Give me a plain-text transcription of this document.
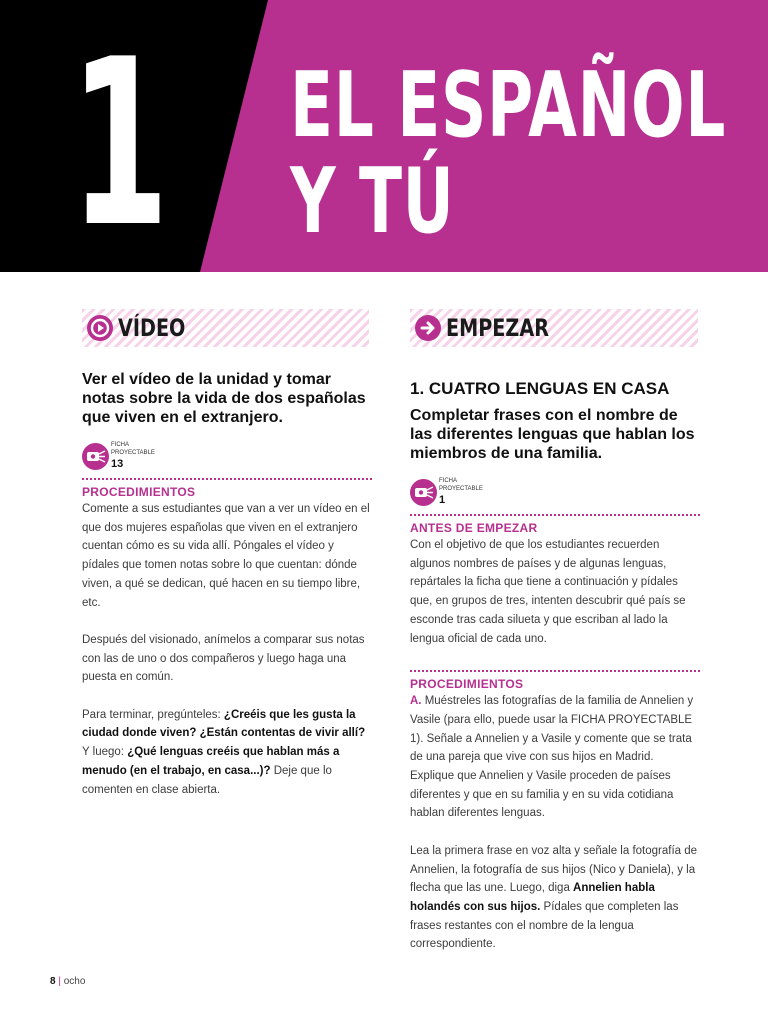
1 EL ESPAÑOL
Y TÚ
VÍDEO	EMPEZAR
Ver el vídeo de la unidad y tomar notas sobre la vida de dos españolas que viven en el extranjero.
FICHA PROYECTABLE
13
PROCEDIMIENTOS
Comente a sus estudiantes que van a ver un vídeo en el que dos mujeres españolas que viven en el extranjero cuentan cómo es su vida allí. Póngales el vídeo y pídales que tomen notas sobre lo que cuentan: dónde viven, a qué se dedican, qué hacen en su tiempo libre, etc.
Después del visionado, anímelos a comparar sus notas con las de uno o dos compañeros y luego haga una puesta en común.
Para terminar, pregúnteles: ¿Creéis que les gusta la ciudad donde viven? ¿Están contentas de vivir allí? Y luego: ¿Qué lenguas creéis que hablan más a menudo (en el trabajo, en casa...)? Deje que lo comenten en clase abierta.
1. CUATRO LENGUAS EN CASA
Completar frases con el nombre de las diferentes lenguas que hablan los miembros de una familia.
FICHA PROYECTABLE
1
ANTES DE EMPEZAR
Con el objetivo de que los estudiantes recuerden algunos nombres de países y de algunas lenguas, repártales la ficha que tiene a continuación y pídales que, en grupos de tres, intenten descubrir qué país se esconde tras cada silueta y que escriban al lado la lengua oficial de cada uno.
PROCEDIMIENTOS
A. Muéstreles las fotografías de la familia de Annelien y Vasile (para ello, puede usar la FICHA PROYECTABLE 1). Señale a Annelien y a Vasile y comente que se trata de una pareja que vive con sus hijos en Madrid. Explique que Annelien y Vasile proceden de países diferentes y que en su familia y en su vida cotidiana hablan diferentes lenguas.
Lea la primera frase en voz alta y señale la fotografía de Annelien, la fotografía de sus hijos (Nico y Daniela), y la flecha que las une. Luego, diga Annelien habla holandés con sus hijos. Pídales que completen las frases restantes con el nombre de la lengua correspondiente.
8 | ocho
